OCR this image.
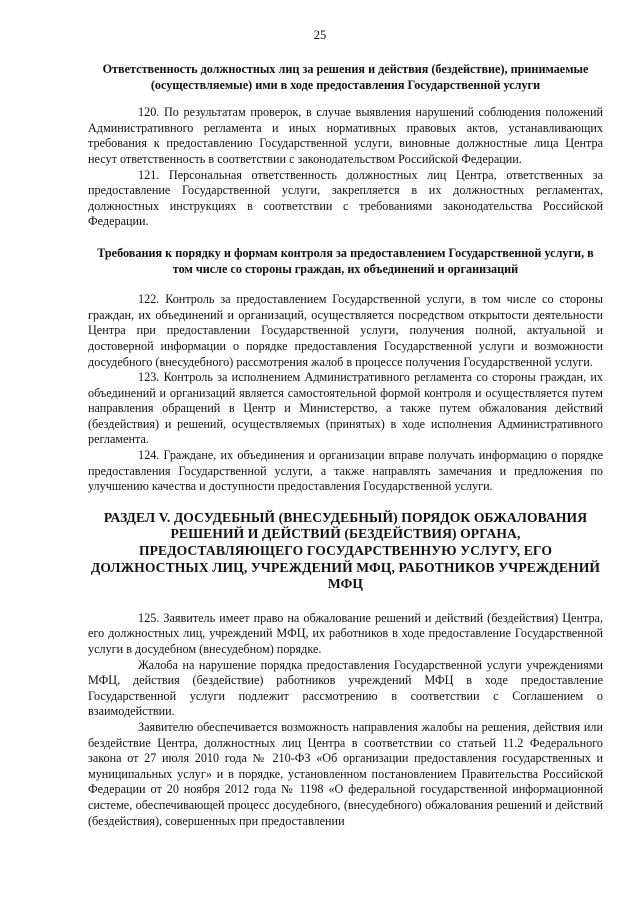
25

Ответственность должностных лиц за решения и действия (бездействие), принимаемые (осуществляемые) ими в ходе предоставления Государственной услуги

120. По результатам проверок, в случае выявления нарушений соблюдения положений Административного регламента и иных нормативных правовых актов, устанавливающих требования к предоставлению Государственной услуги, виновные должностные лица Центра несут ответственность в соответствии с законодательством Российской Федерации.

121. Персональная ответственность должностных лиц Центра, ответственных за предоставление Государственной услуги, закрепляется в их должностных регламентах, должностных инструкциях в соответствии с требованиями законодательства Российской Федерации.

Требования к порядку и формам контроля за предоставлением Государственной услуги, в том числе со стороны граждан, их объединений и организаций

122. Контроль за предоставлением Государственной услуги, в том числе со стороны граждан, их объединений и организаций, осуществляется посредством открытости деятельности Центра при предоставлении Государственной услуги, получения полной, актуальной и достоверной информации о порядке предоставления Государственной услуги и возможности досудебного (внесудебного) рассмотрения жалоб в процессе получения Государственной услуги.

123. Контроль за исполнением Административного регламента со стороны граждан, их объединений и организаций является самостоятельной формой контроля и осуществляется путем направления обращений в Центр и Министерство, а также путем обжалования действий (бездействия) и решений, осуществляемых (принятых) в ходе исполнения Административного регламента.

124. Граждане, их объединения и организации вправе получать информацию о порядке предоставления Государственной услуги, а также направлять замечания и предложения по улучшению качества и доступности предоставления Государственной услуги.

РАЗДЕЛ V. ДОСУДЕБНЫЙ (ВНЕСУДЕБНЫЙ) ПОРЯДОК ОБЖАЛОВАНИЯ РЕШЕНИЙ И ДЕЙСТВИЙ (БЕЗДЕЙСТВИЯ) ОРГАНА, ПРЕДОСТАВЛЯЮЩЕГО ГОСУДАРСТВЕННУЮ УСЛУГУ, ЕГО ДОЛЖНОСТНЫХ ЛИЦ, УЧРЕЖДЕНИЙ МФЦ, РАБОТНИКОВ УЧРЕЖДЕНИЙ МФЦ

125. Заявитель имеет право на обжалование решений и действий (бездействия) Центра, его должностных лиц, учреждений МФЦ, их работников в ходе предоставление Государственной услуги в досудебном (внесудебном) порядке.

Жалоба на нарушение порядка предоставления Государственной услуги учреждениями МФЦ, действия (бездействие) работников учреждений МФЦ в ходе предоставление Государственной услуги подлежит рассмотрению в соответствии с Соглашением о взаимодействии.

Заявителю обеспечивается возможность направления жалобы на решения, действия или бездействие Центра, должностных лиц Центра в соответствии со статьей 11.2 Федерального закона от 27 июля 2010 года № 210-ФЗ «Об организации предоставления государственных и муниципальных услуг» и в порядке, установленном постановлением Правительства Российской Федерации от 20 ноября 2012 года № 1198 «О федеральной государственной информационной системе, обеспечивающей процесс досудебного, (внесудебного) обжалования решений и действий (бездействия), совершенных при предоставлении
